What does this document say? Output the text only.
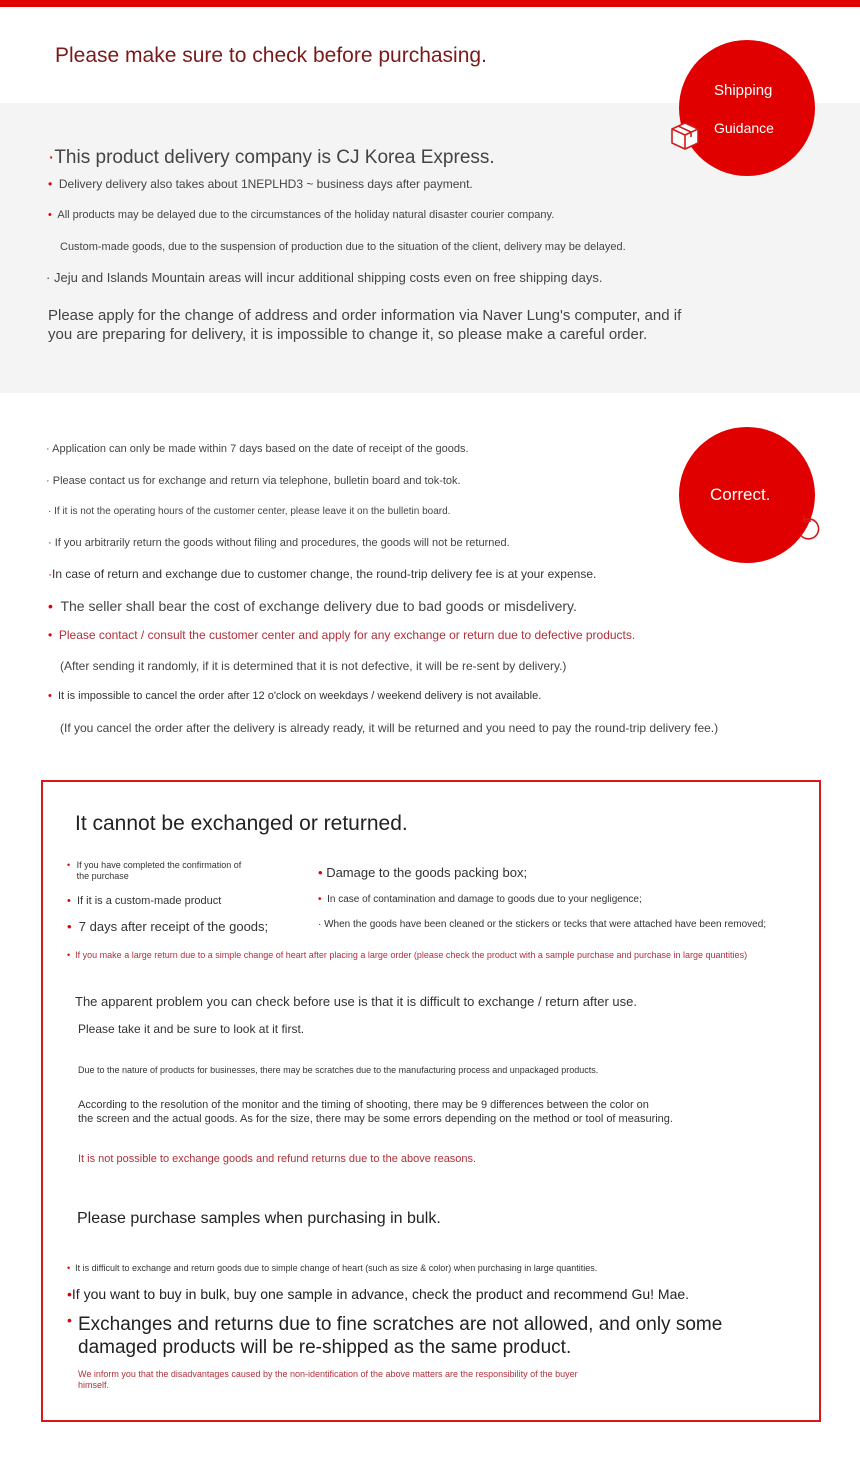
Please make sure to check before purchasing.
Shipping
Guidance
·This product delivery company is CJ Korea Express.
• Delivery delivery also takes about 1NEPLHD3 ~ business days after payment.
• All products may be delayed due to the circumstances of the holiday natural disaster courier company.
Custom-made goods, due to the suspension of production due to the situation of the client, delivery may be delayed.
· Jeju and Islands Mountain areas will incur additional shipping costs even on free shipping days.
Please apply for the change of address and order information via Naver Lung's computer, and if
you are preparing for delivery, it is impossible to change it, so please make a careful order.
Correct.
· Application can only be made within 7 days based on the date of receipt of the goods.
· Please contact us for exchange and return via telephone, bulletin board and tok-tok.
· If it is not the operating hours of the customer center, please leave it on the bulletin board.
· If you arbitrarily return the goods without filing and procedures, the goods will not be returned.
·In case of return and exchange due to customer change, the round-trip delivery fee is at your expense.
• The seller shall bear the cost of exchange delivery due to bad goods or misdelivery.
• Please contact / consult the customer center and apply for any exchange or return due to defective products.
(After sending it randomly, if it is determined that it is not defective, it will be re-sent by delivery.)
• It is impossible to cancel the order after 12 o'clock on weekdays / weekend delivery is not available.
(If you cancel the order after the delivery is already ready, it will be returned and you need to pay the round-trip delivery fee.)
It cannot be exchanged or returned.
• If you have completed the confirmation of
the purchase
• If it is a custom-made product
• 7 days after receipt of the goods;
• Damage to the goods packing box;
• In case of contamination and damage to goods due to your negligence;
· When the goods have been cleaned or the stickers or tecks that were attached have been removed;
• If you make a large return due to a simple change of heart after placing a large order (please check the product with a sample purchase and purchase in large quantities)
The apparent problem you can check before use is that it is difficult to exchange / return after use.
Please take it and be sure to look at it first.
Due to the nature of products for businesses, there may be scratches due to the manufacturing process and unpackaged products.
According to the resolution of the monitor and the timing of shooting, there may be 9 differences between the color on
the screen and the actual goods. As for the size, there may be some errors depending on the method or tool of measuring.
It is not possible to exchange goods and refund returns due to the above reasons.
Please purchase samples when purchasing in bulk.
• It is difficult to exchange and return goods due to simple change of heart (such as size & color) when purchasing in large quantities.
•If you want to buy in bulk, buy one sample in advance, check the product and recommend Gu! Mae.
• Exchanges and returns due to fine scratches are not allowed, and only some
damaged products will be re-shipped as the same product.
We inform you that the disadvantages caused by the non-identification of the above matters are the responsibility of the buyer
himself.
